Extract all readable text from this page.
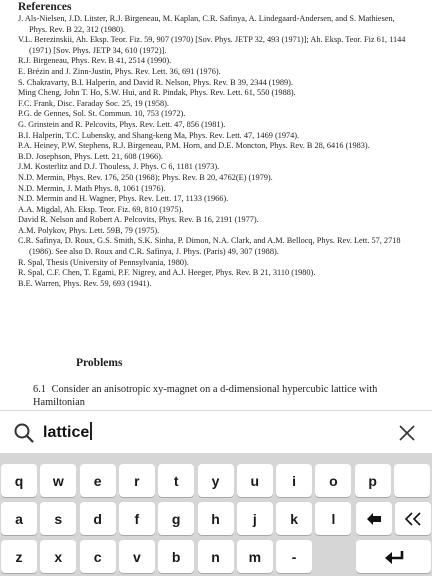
References
J. Als-Nielsen, J.D. Litster, R.J. Birgeneau, M. Kaplan, C.R. Safinya, A. Lindegaard-Andersen, and S. Mathiesen, Phys. Rev. B 22, 312 (1980).
V.L. Berezinskii, Ah. Eksp. Teor. Fiz. 59, 907 (1970) [Sov. Phys. JETP 32, 493 (1971)]; Ah. Eksp. Teor. Fiz 61, 1144 (1971) [Sov. Phys. JETP 34, 610 (1972)].
R.J. Birgeneau, Phys. Rev. B 41, 2514 (1990).
E. Brézin and J. Zinn-Justin, Phys. Rev. Lett. 36, 691 (1976).
S. Chakravarty, B.I. Halperin, and David R. Nelson, Phys. Rev. B 39, 2344 (1989).
Ming Cheng, John T. Ho, S.W. Hui, and R. Pindak, Phys. Rev. Lett. 61, 550 (1988).
F.C. Frank, Disc. Faraday Soc. 25, 19 (1958).
P.G. de Gennes, Sol. St. Commun. 10, 753 (1972).
G. Grinstein and R. Pelcovits, Phys. Rev. Lett. 47, 856 (1981).
B.I. Halperin, T.C. Lubensky, and Shang-keng Ma, Phys. Rev. Lett. 47, 1469 (1974).
P.A. Heiney, P.W. Stephens, R.J. Birgeneau, P.M. Horn, and D.E. Moncton, Phys. Rev. B 28, 6416 (1983).
B.D. Josephson, Phys. Lett. 21, 608 (1966).
J.M. Kosterlitz and D.J. Thouless, J. Phys. C 6, 1181 (1973).
N.D. Mermin, Phys. Rev. 176, 250 (1968); Phys. Rev. B 20, 4762(E) (1979).
N.D. Mermin, J. Math Phys. 8, 1061 (1976).
N.D. Mermin and H. Wagner, Phys. Rev. Lett. 17, 1133 (1966).
A.A. Migdal, Ah. Eksp. Teor. Fiz. 69, 810 (1975).
David R. Nelson and Robert A. Pelcovits, Phys. Rev. B 16, 2191 (1977).
A.M. Polykov, Phys. Lett. 59B, 79 (1975).
C.R. Safinya, D. Roux, G.S. Smith, S.K. Sinha, P. Dimon, N.A. Clark, and A.M. Bellocq, Phys. Rev. Lett. 57, 2718 (1986). See also D. Roux and C.R. Safinya, J. Phys. (Paris) 49, 307 (1988).
R. Spal, Thesis (University of Pennsylvania, 1980).
R. Spal, C.F. Chen, T. Egami, P.F. Nigrey, and A.J. Heeger, Phys. Rev. B 21, 3110 (1980).
B.E. Warren, Phys. Rev. 59, 693 (1941).
Problems

6.1 Consider an anisotropic xy-magnet on a d-dimensional hypercubic lattice with Hamiltonian

lattice
q	w	e	r	t	y	u	i	o	p
a	s	d	f	g	h	j	k	l
z	x	c	v	b	n	m	-
